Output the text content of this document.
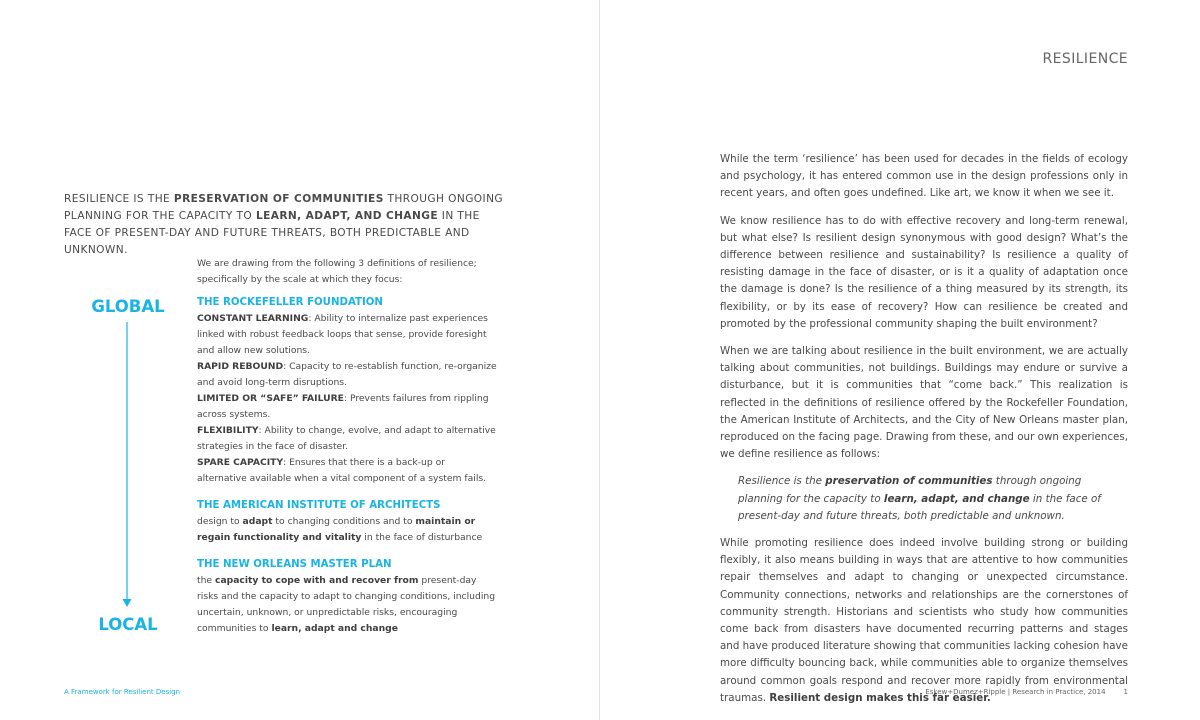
RESILIENCE IS THE PRESERVATION OF COMMUNITIES THROUGH ONGOING PLANNING FOR THE CAPACITY TO LEARN, ADAPT, AND CHANGE IN THE FACE OF PRESENT-DAY AND FUTURE THREATS, BOTH PREDICTABLE AND UNKNOWN.
We are drawing from the following 3 definitions of resilience; specifically by the scale at which they focus:
GLOBAL
LOCAL
THE ROCKEFELLER FOUNDATION
CONSTANT LEARNING: Ability to internalize past experiences linked with robust feedback loops that sense, provide foresight and allow new solutions.
RAPID REBOUND: Capacity to re-establish function, re-organize and avoid long-term disruptions.
LIMITED OR “SAFE” FAILURE: Prevents failures from rippling across systems.
FLEXIBILITY: Ability to change, evolve, and adapt to alternative strategies in the face of disaster.
SPARE CAPACITY: Ensures that there is a back-up or alternative available when a vital component of a system fails.
THE AMERICAN INSTITUTE OF ARCHITECTS
design to adapt to changing conditions and to maintain or regain functionality and vitality in the face of disturbance
THE NEW ORLEANS MASTER PLAN
the capacity to cope with and recover from present-day risks and the capacity to adapt to changing conditions, including uncertain, unknown, or unpredictable risks, encouraging communities to learn, adapt and change
A Framework for Resilient Design
RESILIENCE

While the term ‘resilience’ has been used for decades in the fields of ecology and psychology, it has entered common use in the design professions only in recent years, and often goes undefined. Like art, we know it when we see it.

We know resilience has to do with effective recovery and long-term renewal, but what else? Is resilient design synonymous with good design? What’s the difference between resilience and sustainability? Is resilience a quality of resisting damage in the face of disaster, or is it a quality of adaptation once the damage is done? Is the resilience of a thing measured by its strength, its flexibility, or by its ease of recovery? How can resilience be created and promoted by the professional community shaping the built environment?

When we are talking about resilience in the built environment, we are actually talking about communities, not buildings. Buildings may endure or survive a disturbance, but it is communities that “come back.” This realization is reflected in the definitions of resilience offered by the Rockefeller Foundation, the American Institute of Architects, and the City of New Orleans master plan, reproduced on the facing page. Drawing from these, and our own experiences, we define resilience as follows:

Resilience is the preservation of communities through ongoing planning for the capacity to learn, adapt, and change in the face of present-day and future threats, both predictable and unknown.

While promoting resilience does indeed involve building strong or building flexibly, it also means building in ways that are attentive to how communities repair themselves and adapt to changing or unexpected circumstance. Community connections, networks and relationships are the cornerstones of community strength. Historians and scientists who study how communities come back from disasters have documented recurring patterns and stages and have produced literature showing that communities lacking cohesion have more difficulty bouncing back, while communities able to organize themselves around common goals respond and recover more rapidly from environmental traumas. Resilient design makes this far easier.

Eskew+Dumez+Ripple | Research in Practice, 2014	1
